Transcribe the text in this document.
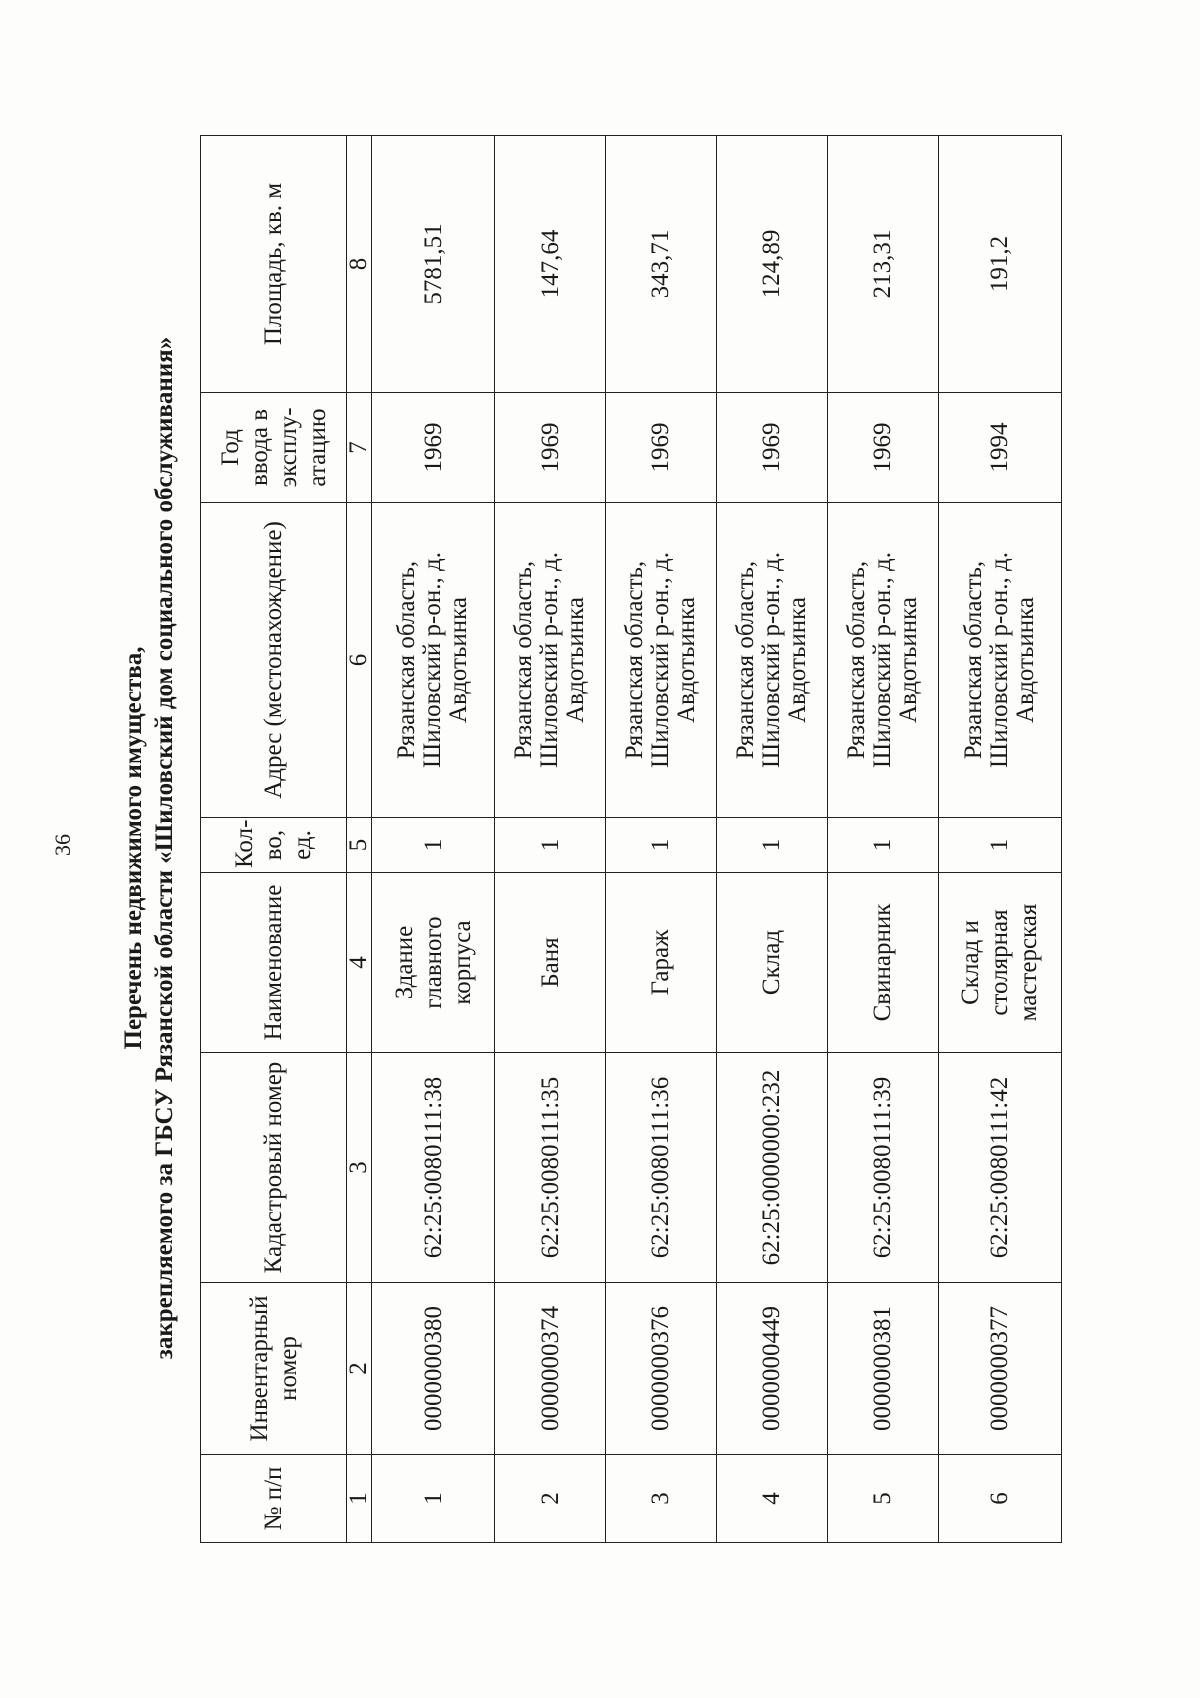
36 Перечень недвижимого имущества, закрепляемого за ГБСУ Рязанской области «Шиловский дом социального обслуживания»
№ п/п	Инвентарный номер	Кадастровый номер	Наименование	Кол-во, ед.	Адрес (местонахождение)	Год ввода в эксплу-атацию	Площадь, кв. м
1	2	3	4	5	6	7	8
1	0000000380	62:25:0080111:38	Здание главного корпуса	1	Рязанская область, Шиловский р-он., д. Авдотьинка	1969	5781,51
2	0000000374	62:25:0080111:35	Баня	1	Рязанская область, Шиловский р-он., д. Авдотьинка	1969	147,64
3	0000000376	62:25:0080111:36	Гараж	1	Рязанская область, Шиловский р-он., д. Авдотьинка	1969	343,71
4	0000000449	62:25:0000000:232	Склад	1	Рязанская область, Шиловский р-он., д. Авдотьинка	1969	124,89
5	0000000381	62:25:0080111:39	Свинарник	1	Рязанская область, Шиловский р-он., д. Авдотьинка	1969	213,31
6	0000000377	62:25:0080111:42	Склад и столярная мастерская	1	Рязанская область, Шиловский р-он., д. Авдотьинка	1994	191,2
